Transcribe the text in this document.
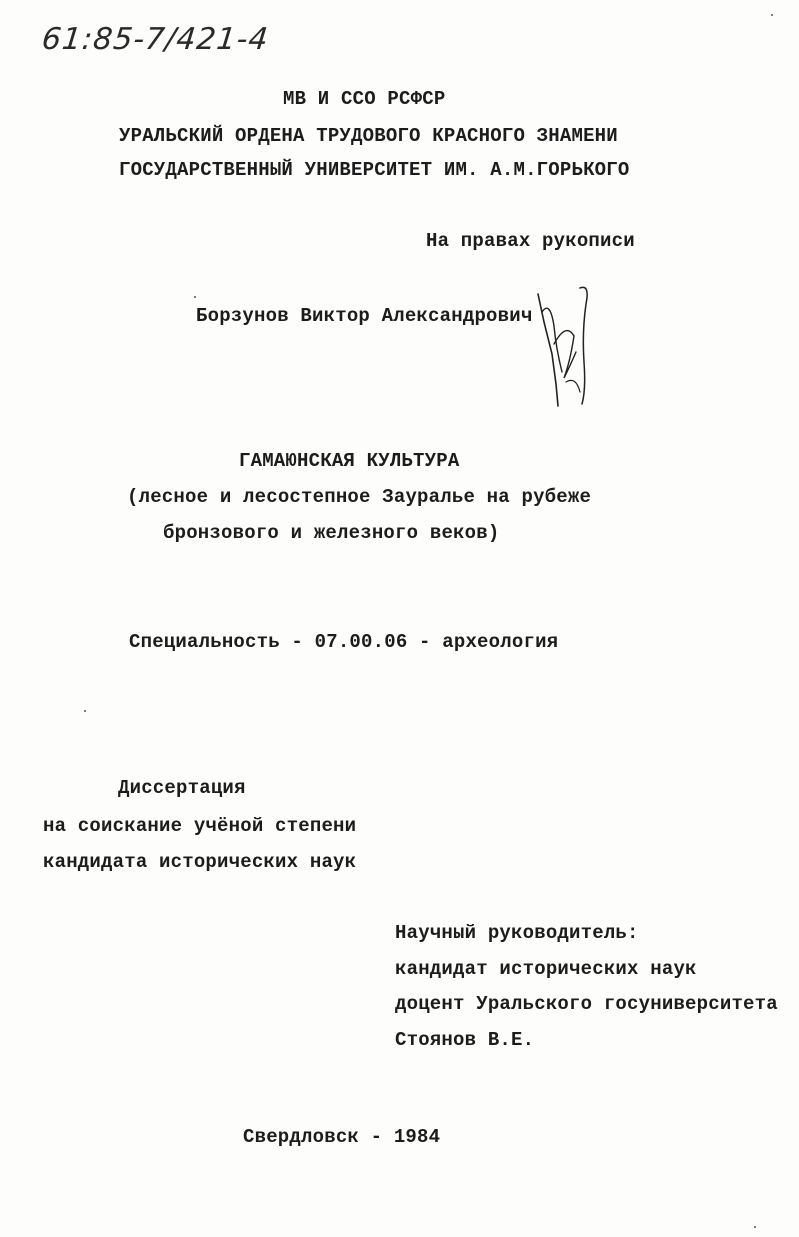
61:85-7/421-4
МВ И ССО РСФСР
УРАЛЬСКИЙ ОРДЕНА ТРУДОВОГО КРАСНОГО ЗНАМЕНИ
ГОСУДАРСТВЕННЫЙ УНИВЕРСИТЕТ ИМ. А.М.ГОРЬКОГО
На правах рукописи
Борзунов Виктор Александрович
ГАМАЮНСКАЯ КУЛЬТУРА
(лесное и лесостепное Зауралье на рубеже
бронзового и железного веков)
Специальность - 07.00.06 - археология
Диссертация
на соискание учёной степени
кандидата исторических наук
Научный руководитель:
кандидат исторических наук
доцент Уральского госуниверситета
Стоянов В.Е.
Свердловск - 1984
